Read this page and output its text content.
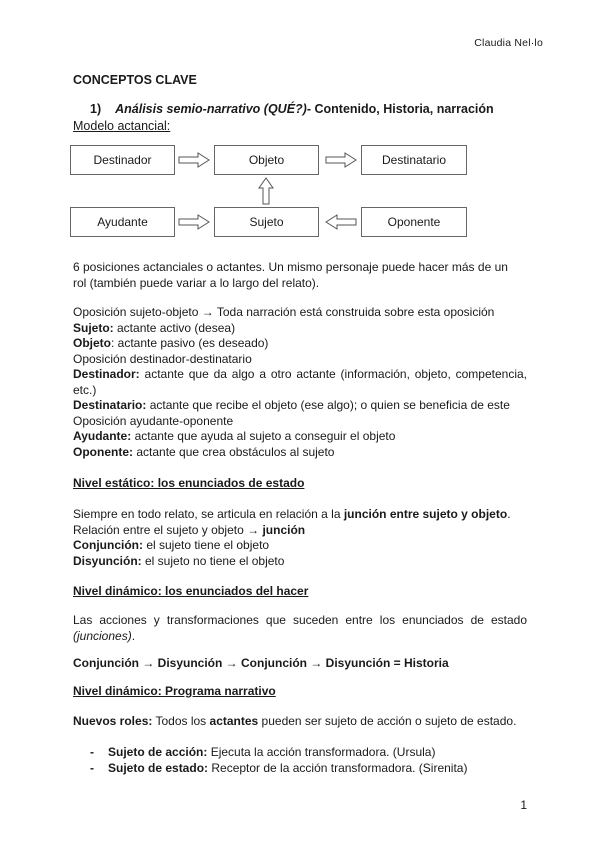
Claudia Nel·lo
CONCEPTOS CLAVE
1) Análisis semio-narrativo (QUÉ?)- Contenido, Historia, narración
Modelo actancial:
Destinador	Objeto	Destinatario
Ayudante	Sujeto	Oponente
6 posiciones actanciales o actantes. Un mismo personaje puede hacer más de un
rol (también puede variar a lo largo del relato).
Oposición sujeto-objeto → Toda narración está construida sobre esta oposición
Sujeto: actante activo (desea)
Objeto: actante pasivo (es deseado)
Oposición destinador-destinatario
Destinador: actante que da algo a otro actante (información, objeto, competencia, etc.)
Destinatario: actante que recibe el objeto (ese algo); o quien se beneficia de este
Oposición ayudante-oponente
Ayudante: actante que ayuda al sujeto a conseguir el objeto
Oponente: actante que crea obstáculos al sujeto
Nivel estático: los enunciados de estado
Siempre en todo relato, se articula en relación a la junción entre sujeto y objeto.
Relación entre el sujeto y objeto → junción
Conjunción: el sujeto tiene el objeto
Disyunción: el sujeto no tiene el objeto
Nivel dinámico: los enunciados del hacer
Las acciones y transformaciones que suceden entre los enunciados de estado (junciones).
Conjunción → Disyunción → Conjunción → Disyunción = Historia
Nivel dinámico: Programa narrativo
Nuevos roles: Todos los actantes pueden ser sujeto de acción o sujeto de estado.
- Sujeto de acción: Ejecuta la acción transformadora. (Ursula)
- Sujeto de estado: Receptor de la acción transformadora. (Sirenita)
1
